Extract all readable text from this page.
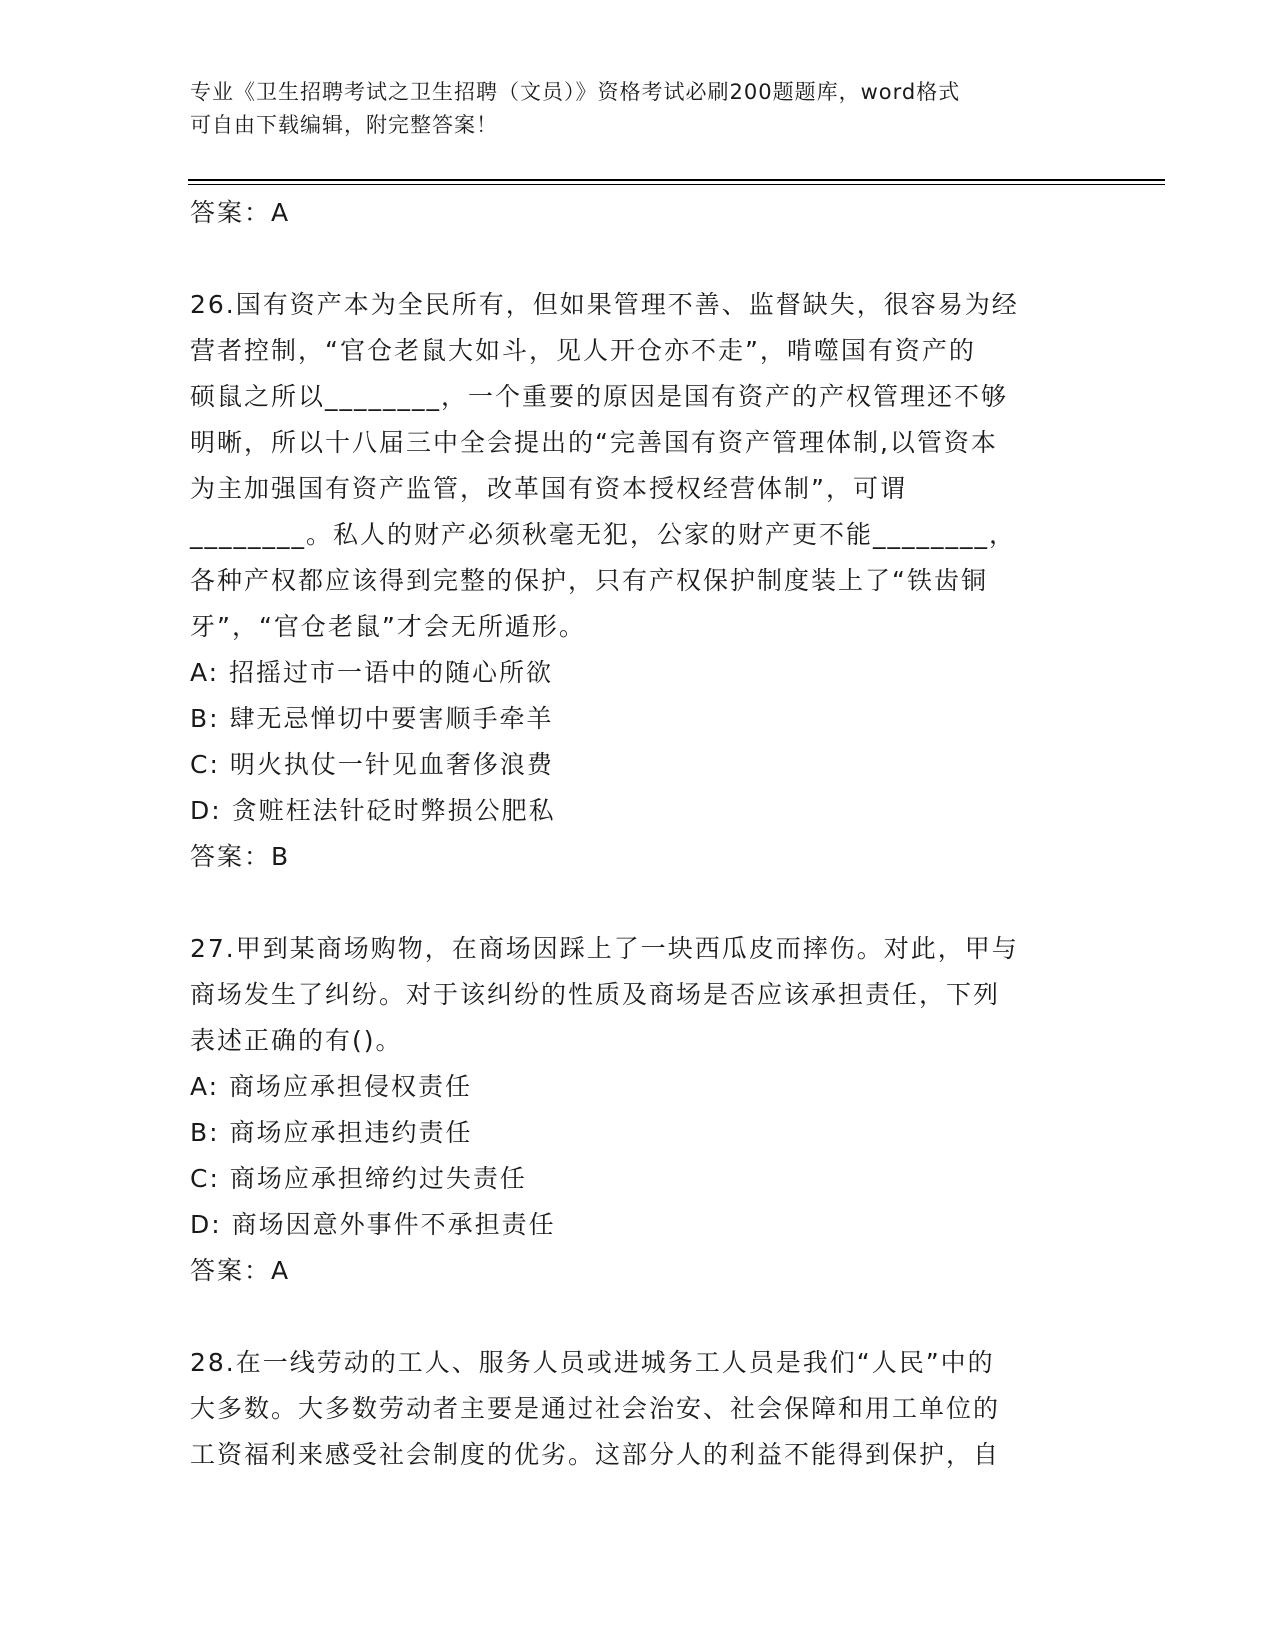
专业《卫生招聘考试之卫生招聘（文员）》资格考试必刷200题题库，word格式
可自由下载编辑，附完整答案！

答案：A

26.国有资产本为全民所有，但如果管理不善、监督缺失，很容易为经

营者控制，“官仓老鼠大如斗，见人开仓亦不走”，啃噬国有资产的

硕鼠之所以________，一个重要的原因是国有资产的产权管理还不够

明晰，所以十八届三中全会提出的“完善国有资产管理体制,以管资本

为主加强国有资产监管，改革国有资本授权经营体制”，可谓

________。私人的财产必须秋毫无犯，公家的财产更不能________，

各种产权都应该得到完整的保护，只有产权保护制度装上了“铁齿铜

牙”，“官仓老鼠”才会无所遁形。

A: 招摇过市一语中的随心所欲

B: 肆无忌惮切中要害顺手牵羊

C: 明火执仗一针见血奢侈浪费

D: 贪赃枉法针砭时弊损公肥私

答案：B

27.甲到某商场购物，在商场因踩上了一块西瓜皮而摔伤。对此，甲与

商场发生了纠纷。对于该纠纷的性质及商场是否应该承担责任，下列

表述正确的有()。

A: 商场应承担侵权责任

B: 商场应承担违约责任

C: 商场应承担缔约过失责任

D: 商场因意外事件不承担责任

答案：A

28.在一线劳动的工人、服务人员或进城务工人员是我们“人民”中的

大多数。大多数劳动者主要是通过社会治安、社会保障和用工单位的

工资福利来感受社会制度的优劣。这部分人的利益不能得到保护，自
